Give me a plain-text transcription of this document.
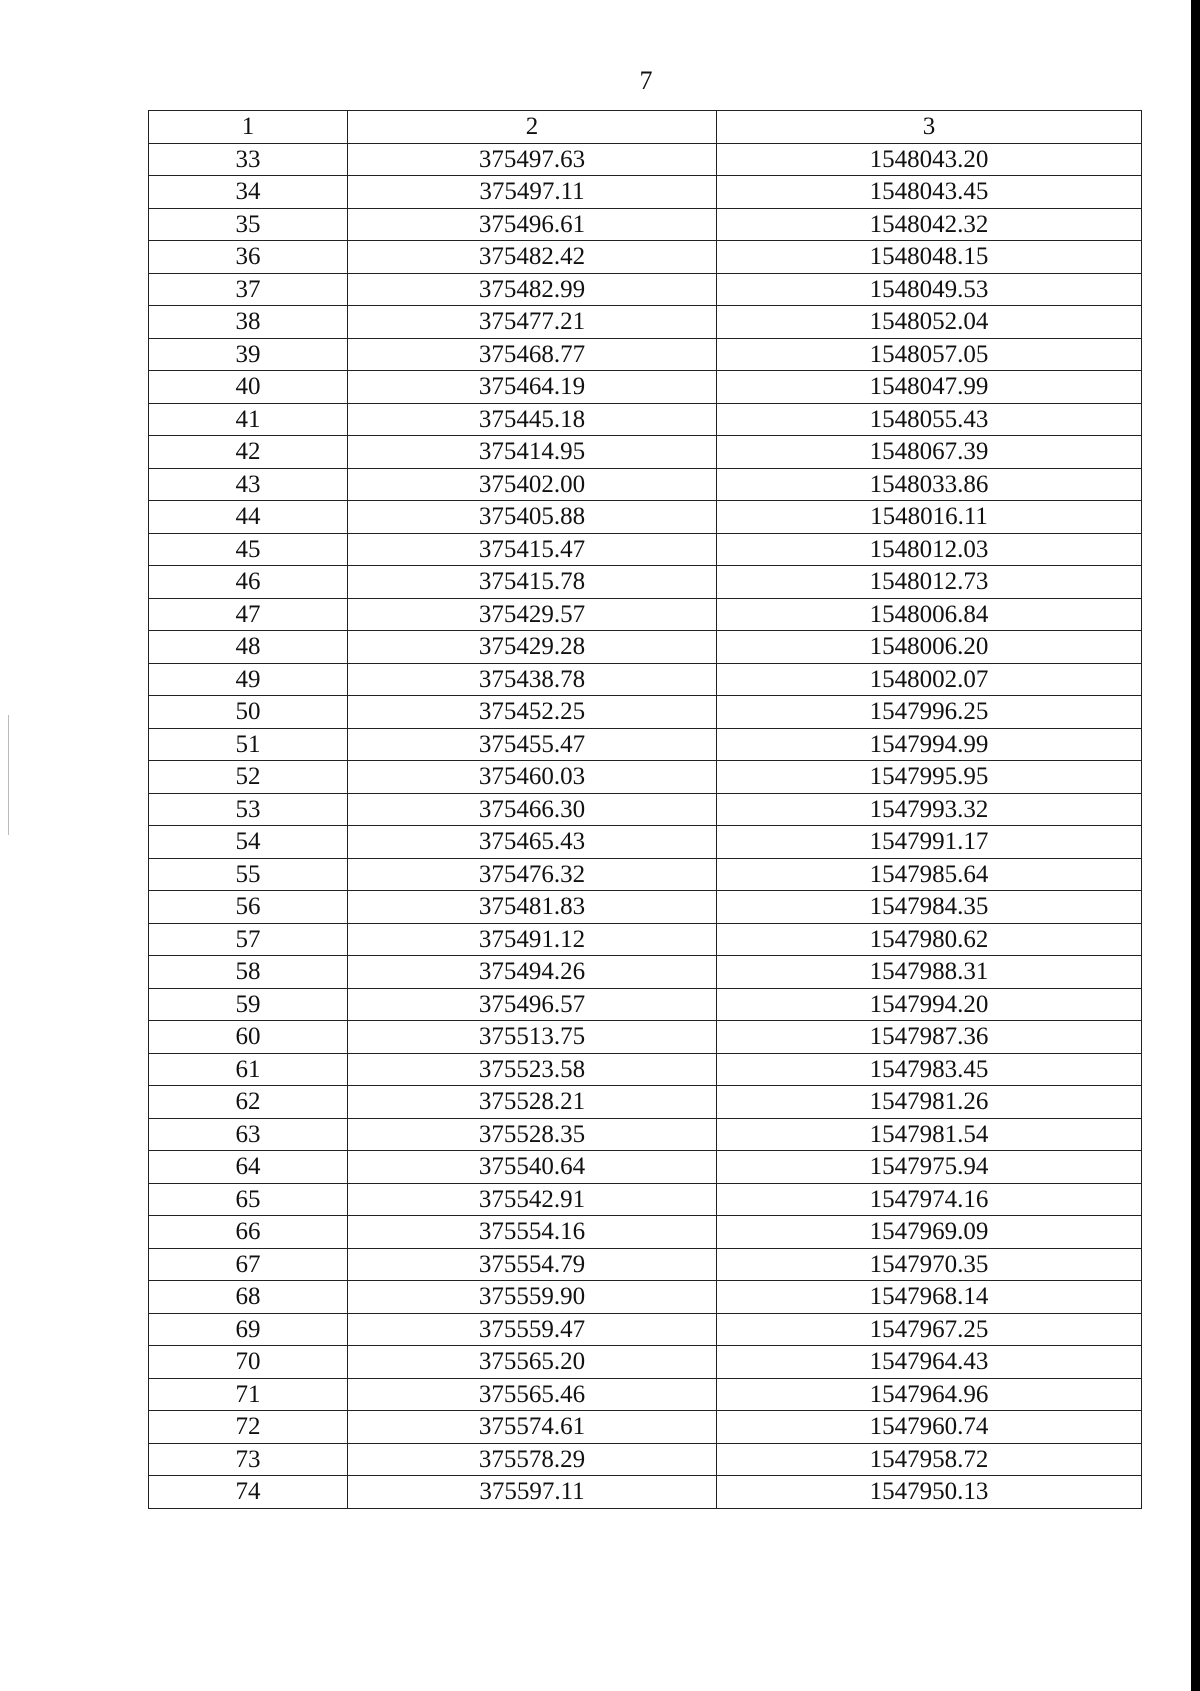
7
1	2	3
33	375497.63	1548043.20
34	375497.11	1548043.45
35	375496.61	1548042.32
36	375482.42	1548048.15
37	375482.99	1548049.53
38	375477.21	1548052.04
39	375468.77	1548057.05
40	375464.19	1548047.99
41	375445.18	1548055.43
42	375414.95	1548067.39
43	375402.00	1548033.86
44	375405.88	1548016.11
45	375415.47	1548012.03
46	375415.78	1548012.73
47	375429.57	1548006.84
48	375429.28	1548006.20
49	375438.78	1548002.07
50	375452.25	1547996.25
51	375455.47	1547994.99
52	375460.03	1547995.95
53	375466.30	1547993.32
54	375465.43	1547991.17
55	375476.32	1547985.64
56	375481.83	1547984.35
57	375491.12	1547980.62
58	375494.26	1547988.31
59	375496.57	1547994.20
60	375513.75	1547987.36
61	375523.58	1547983.45
62	375528.21	1547981.26
63	375528.35	1547981.54
64	375540.64	1547975.94
65	375542.91	1547974.16
66	375554.16	1547969.09
67	375554.79	1547970.35
68	375559.90	1547968.14
69	375559.47	1547967.25
70	375565.20	1547964.43
71	375565.46	1547964.96
72	375574.61	1547960.74
73	375578.29	1547958.72
74	375597.11	1547950.13
